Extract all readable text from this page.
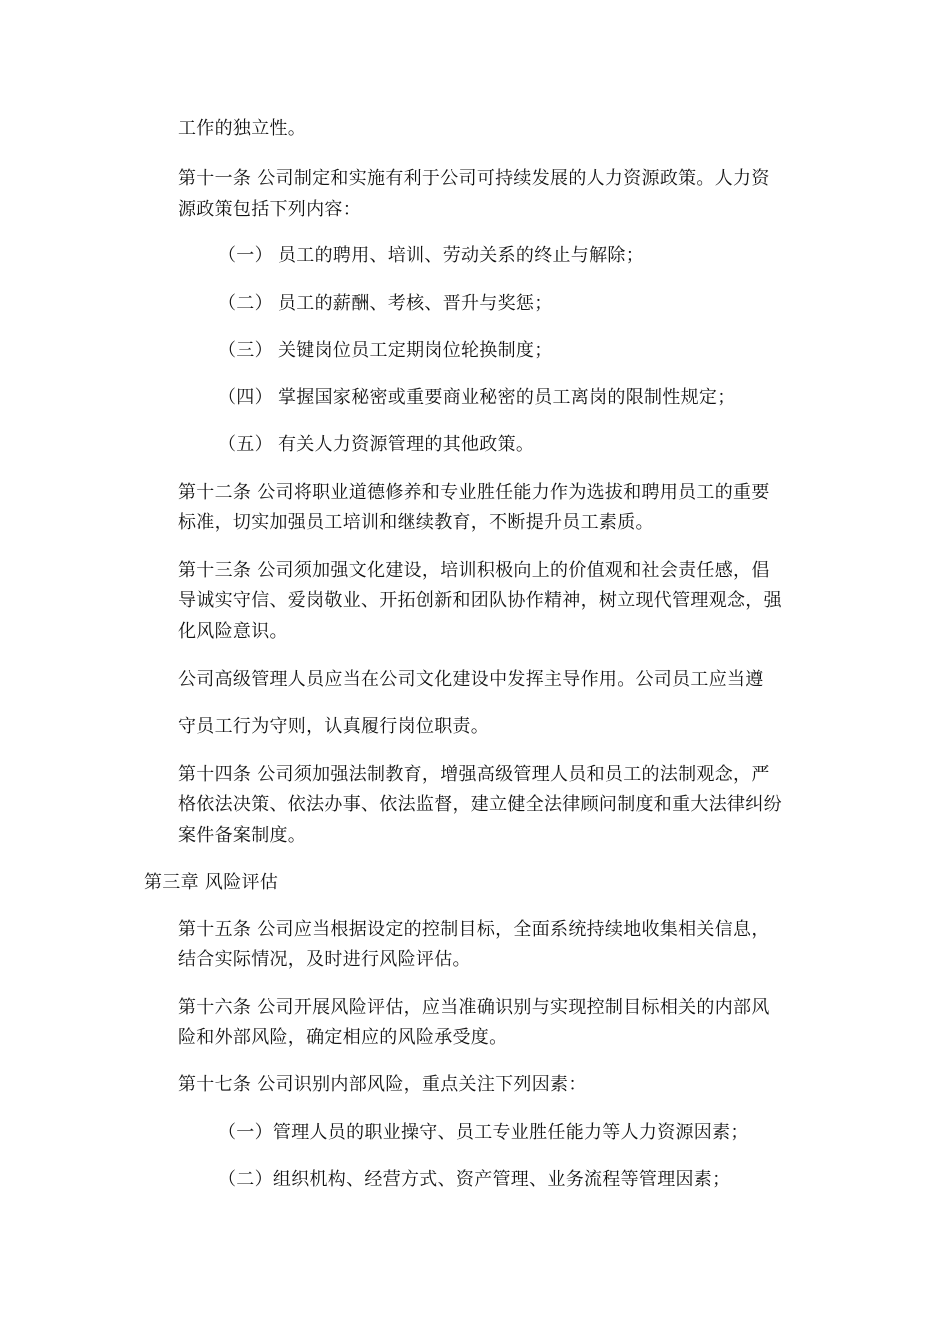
工作的独立性。
第十一条 公司制定和实施有利于公司可持续发展的人力资源政策。人力资
源政策包括下列内容：
（一） 员工的聘用、培训、劳动关系的终止与解除；
（二） 员工的薪酬、考核、晋升与奖惩；
（三） 关键岗位员工定期岗位轮换制度；
（四） 掌握国家秘密或重要商业秘密的员工离岗的限制性规定；
（五） 有关人力资源管理的其他政策。
第十二条 公司将职业道德修养和专业胜任能力作为选拔和聘用员工的重要
标准，切实加强员工培训和继续教育，不断提升员工素质。
第十三条 公司须加强文化建设，培训积极向上的价值观和社会责任感，倡
导诚实守信、爱岗敬业、开拓创新和团队协作精神，树立现代管理观念，强
化风险意识。
公司高级管理人员应当在公司文化建设中发挥主导作用。公司员工应当遵
守员工行为守则，认真履行岗位职责。
第十四条 公司须加强法制教育，增强高级管理人员和员工的法制观念，严
格依法决策、依法办事、依法监督，建立健全法律顾问制度和重大法律纠纷
案件备案制度。
第三章 风险评估
第十五条 公司应当根据设定的控制目标，全面系统持续地收集相关信息，
结合实际情况，及时进行风险评估。
第十六条 公司开展风险评估，应当准确识别与实现控制目标相关的内部风
险和外部风险，确定相应的风险承受度。
第十七条 公司识别内部风险，重点关注下列因素：
（一）管理人员的职业操守、员工专业胜任能力等人力资源因素；
（二）组织机构、经营方式、资产管理、业务流程等管理因素；
